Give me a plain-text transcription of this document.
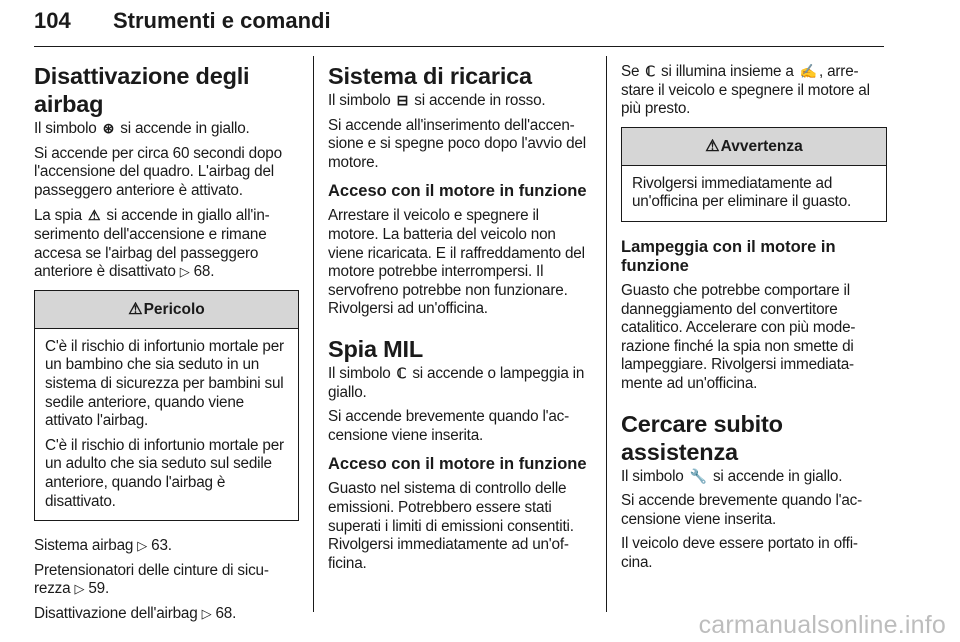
104 Strumenti e comandi
Disattivazione degli airbag

Il simbolo ⊛ si accende in giallo.

Si accende per circa 60 secondi dopo l'accensione del quadro. L'airbag del passeggero anteriore è attivato.

La spia ⚠ si accende in giallo all'in-serimento dell'accensione e rimane accesa se l'airbag del passeggero anteriore è disattivato ▷ 68.

⚠Pericolo

C'è il rischio di infortunio mortale per un bambino che sia seduto in un sistema di sicurezza per bambini sul sedile anteriore, quando viene attivato l'airbag.

C'è il rischio di infortunio mortale per un adulto che sia seduto sul sedile anteriore, quando l'airbag è disattivato.

Sistema airbag ▷ 63.

Pretensionatori delle cinture di sicu-rezza ▷ 59.

Disattivazione dell'airbag ▷ 68.

Sistema di ricarica

Il simbolo ⊟ si accende in rosso.

Si accende all'inserimento dell'accen-sione e si spegne poco dopo l'avvio del motore.

Acceso con il motore in funzione

Arrestare il veicolo e spegnere il motore. La batteria del veicolo non viene ricaricata. E il raffreddamento del motore potrebbe interrompersi. Il servofreno potrebbe non funzionare. Rivolgersi ad un'officina.

Spia MIL

Il simbolo ℂ si accende o lampeggia in giallo.

Si accende brevemente quando l'ac-censione viene inserita.

Acceso con il motore in funzione

Guasto nel sistema di controllo delle emissioni. Potrebbero essere stati superati i limiti di emissioni consentiti. Rivolgersi immediatamente ad un'of-ficina.

Se ℂ si illumina insieme a ✍ , arre-stare il veicolo e spegnere il motore al più presto.

⚠Avvertenza

Rivolgersi immediatamente ad un'officina per eliminare il guasto.

Lampeggia con il motore in funzione

Guasto che potrebbe comportare il danneggiamento del convertitore catalitico. Accelerare con più mode-razione finché la spia non smette di lampeggiare. Rivolgersi immediata-mente ad un'officina.

Cercare subito assistenza

Il simbolo 🔧 si accende in giallo.

Si accende brevemente quando l'ac-censione viene inserita.

Il veicolo deve essere portato in offi-cina.

carmanualsonline.info
